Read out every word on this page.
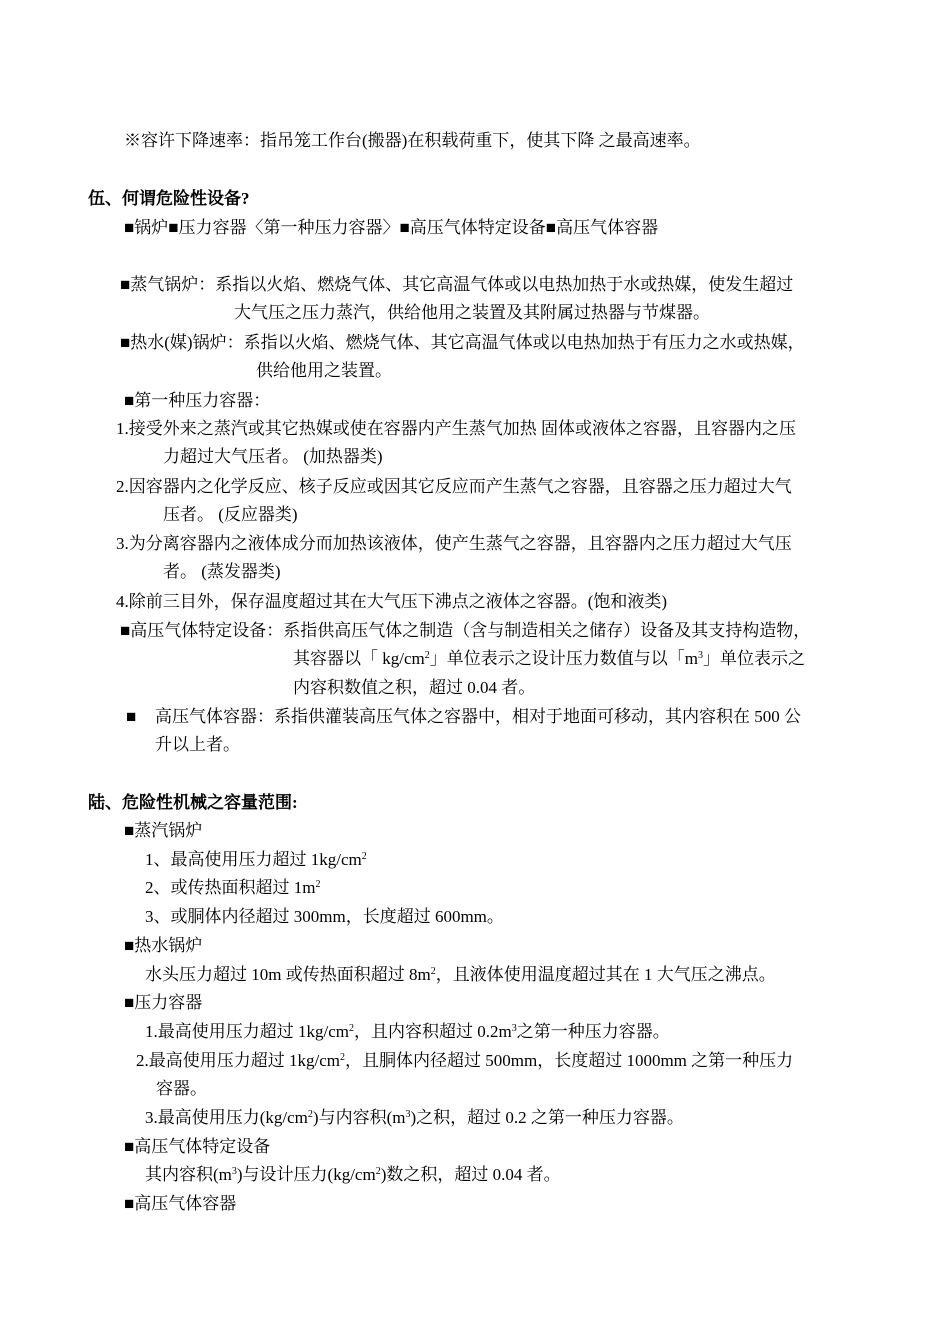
※容许下降速率：指吊笼工作台(搬器)在积载荷重下，使其下降 之最高速率。
伍、何谓危险性设备?
■锅炉■压力容器〈第一种压力容器〉■高压气体特定设备■高压气体容器
■蒸气锅炉：系指以火焰、燃烧气体、其它高温气体或以电热加热于水或热媒，使发生超过
大气压之压力蒸汽，供给他用之装置及其附属过热器与节煤器。
■热水(媒)锅炉：系指以火焰、燃烧气体、其它高温气体或以电热加热于有压力之水或热媒，
供给他用之装置。
■第一种压力容器：
1.接受外来之蒸汽或其它热媒或使在容器内产生蒸气加热 固体或液体之容器，且容器内之压
力超过大气压者。 (加热器类)
2.因容器内之化学反应、核子反应或因其它反应而产生蒸气之容器，且容器之压力超过大气
压者。 (反应器类)
3.为分离容器内之液体成分而加热该液体，使产生蒸气之容器，且容器内之压力超过大气压
者。 (蒸发器类)
4.除前三目外，保存温度超过其在大气压下沸点之液体之容器。(饱和液类)
■高压气体特定设备：系指供高压气体之制造（含与制造相关之储存）设备及其支持构造物，
其容器以「 $kg/cm^2$」单位表示之设计压力数值与以「$m^3$」单位表示之
内容积数值之积，超过 0.04 者。
■ 高压气体容器：系指供灌装高压气体之容器中，相对于地面可移动，其内容积在 500 公
升以上者。
陆、危险性机械之容量范围:
■蒸汽锅炉
1、最高使用压力超过 $1kg/cm^2$
2、或传热面积超过 $1m^2$
3、或胴体内径超过 300mm，长度超过 600mm。
■热水锅炉
水头压力超过 10m 或传热面积超过 $8m^2$，且液体使用温度超过其在 1 大气压之沸点。
■压力容器
1.最高使用压力超过 $1kg/cm^2$，且内容积超过 $0.2m^3$之第一种压力容器。
2.最高使用压力超过 $1kg/cm^2$，且胴体内径超过 500mm，长度超过 1000mm 之第一种压力
容器。
3.最高使用压力$(kg/cm^2)$与内容积$(m^3)$之积，超过 0.2 之第一种压力容器。
■高压气体特定设备
其内容积$(m^3)$与设计压力$(kg/cm^2)$数之积，超过 0.04 者。
■高压气体容器
